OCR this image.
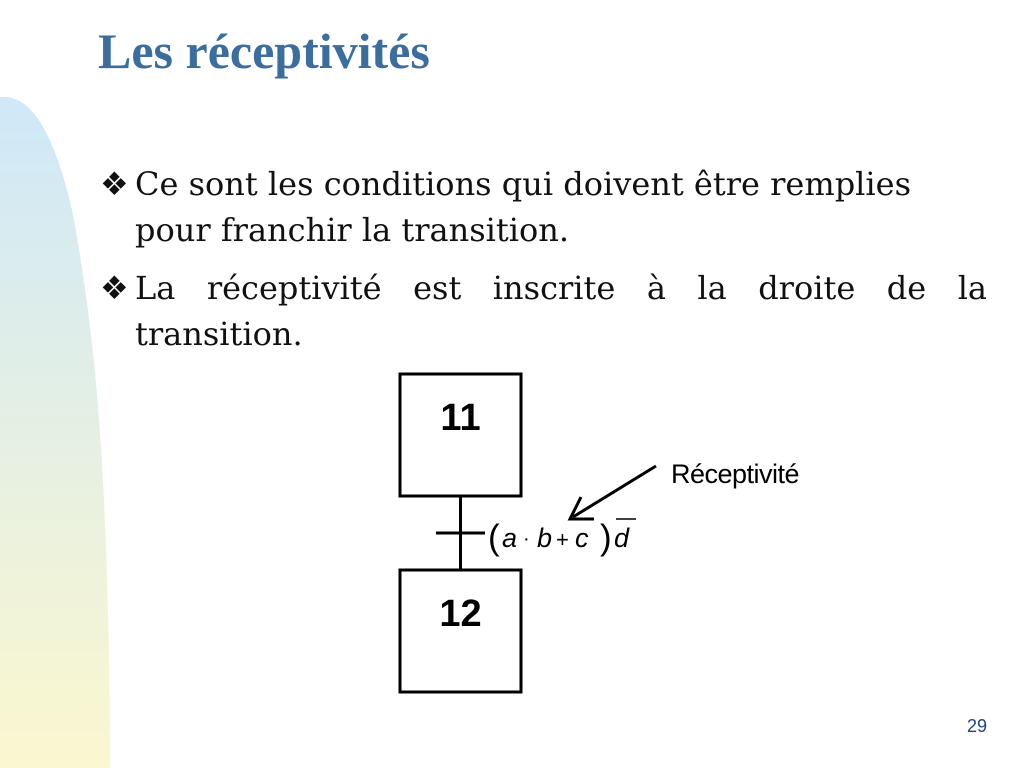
Les réceptivités
❖ Ce sont les conditions qui doivent être remplies pour franchir la transition.
❖ La réceptivité est inscrite à la droite de la transition.
11
12
( a · b + c ) d
Réceptivité
29
